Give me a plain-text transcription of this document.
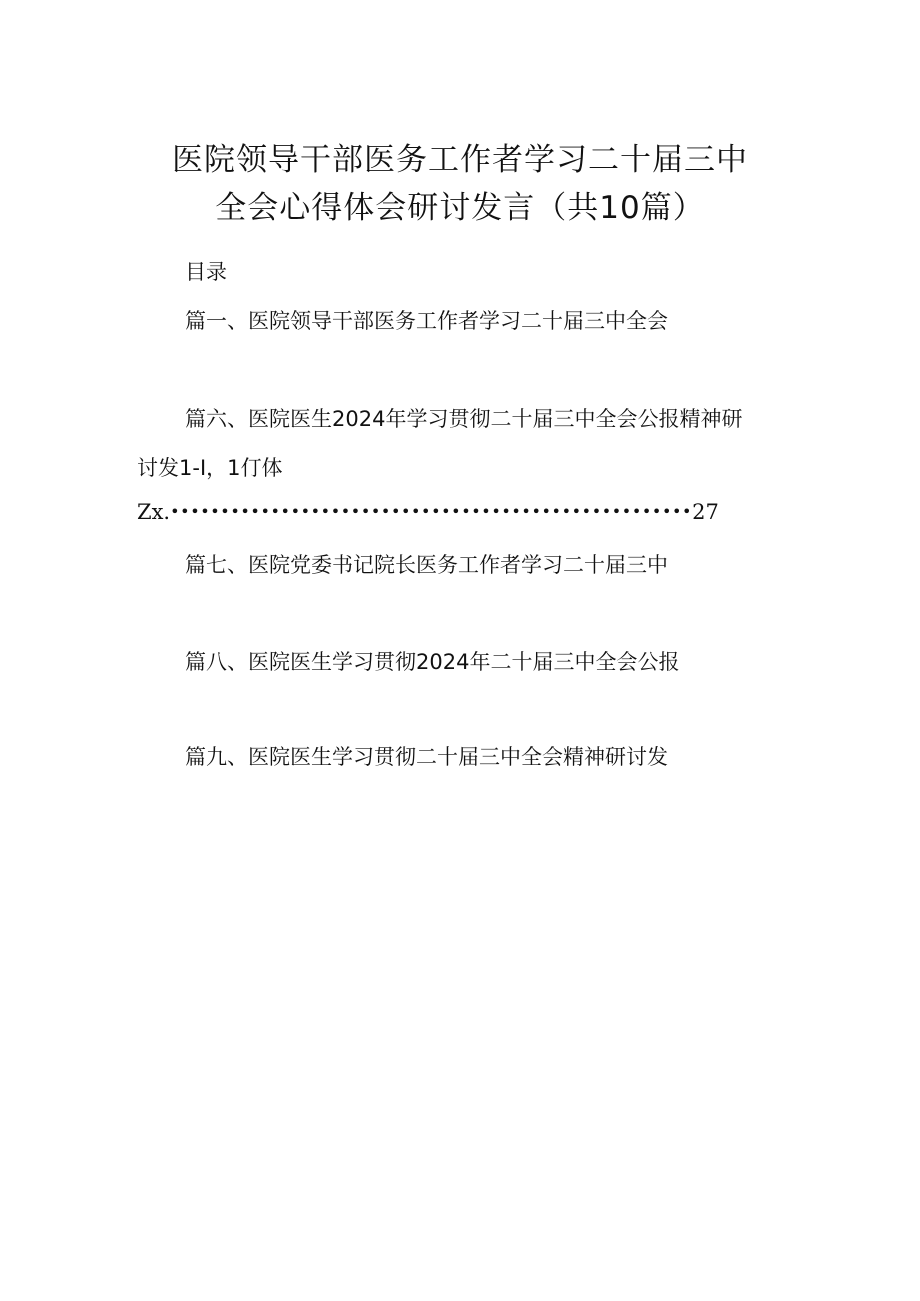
医院领导干部医务工作者学习二十届三中
全会心得体会研讨发言（共10篇）
目录
篇一、医院领导干部医务工作者学习二十届三中全会
篇六、医院医生2024年学习贯彻二十届三中全会公报精神研
讨发1-I，1仃体
Zx.••••••••••••••••••••••••••••••••••••••••••••••••••••27
篇七、医院党委书记院长医务工作者学习二十届三中
篇八、医院医生学习贯彻2024年二十届三中全会公报
篇九、医院医生学习贯彻二十届三中全会精神研讨发
